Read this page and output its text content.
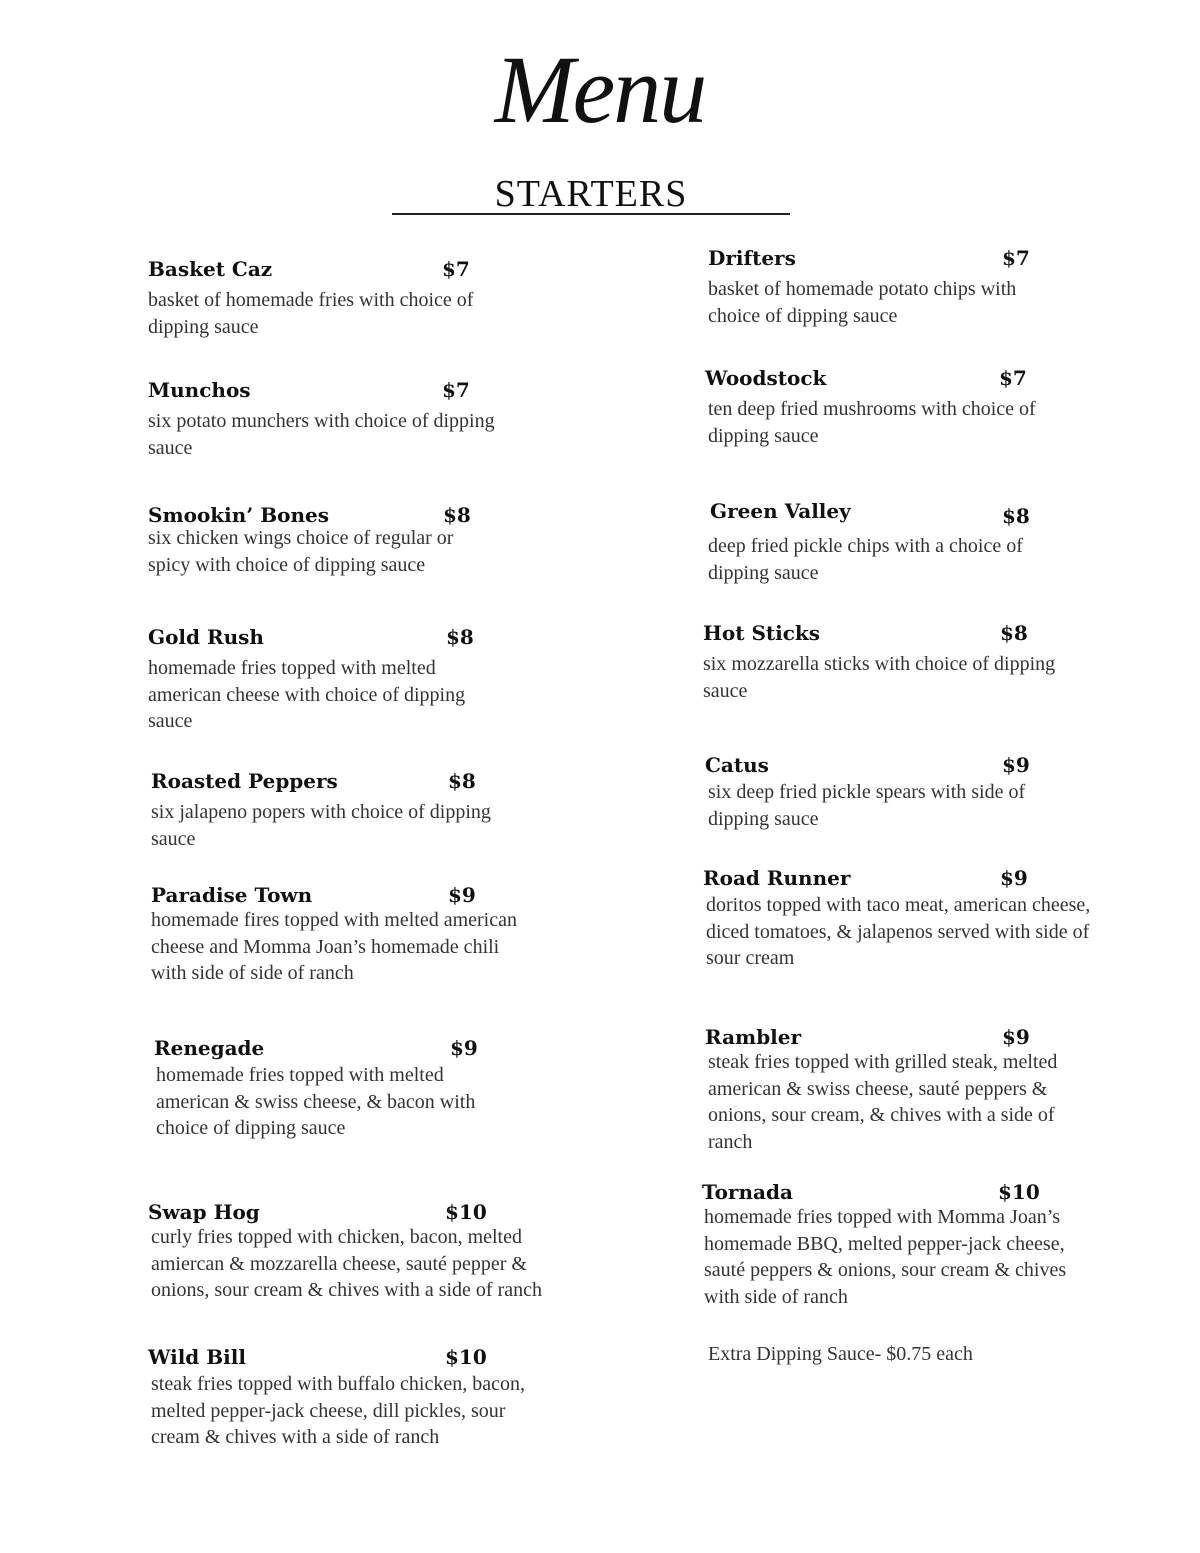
Menu
STARTERS
Basket Caz	$7

basket of homemade fries with choice of dipping sauce

Munchos	$7

six potato munchers with choice of dipping sauce

Smookin’ Bones	$8

six chicken wings choice of regular or spicy with choice of dipping sauce

Gold Rush	$8

homemade fries topped with melted american cheese with choice of dipping sauce

Roasted Peppers	$8

six jalapeno popers with choice of dipping sauce

Paradise Town	$9

homemade fires topped with melted american cheese and Momma Joan’s homemade chili with side of side of ranch

Renegade	$9

homemade fries topped with melted american & swiss cheese, & bacon with choice of dipping sauce

Swap Hog	$10

curly fries topped with chicken, bacon, melted amiercan & mozzarella cheese, sauté pepper & onions, sour cream & chives with a side of ranch

Wild Bill	$10

steak fries topped with buffalo chicken, bacon, melted pepper-jack cheese, dill pickles, sour cream & chives with a side of ranch

Drifters	$7

basket of homemade potato chips with choice of dipping sauce

Woodstock	$7

ten deep fried mushrooms with choice of dipping sauce

Green Valley	$8

deep fried pickle chips with a choice of dipping sauce

Hot Sticks	$8

six mozzarella sticks with choice of dipping sauce

Catus	$9

six deep fried pickle spears with side of dipping sauce

Road Runner	$9

doritos topped with taco meat, american cheese, diced tomatoes, & jalapenos served with side of sour cream

Rambler	$9

steak fries topped with grilled steak, melted american & swiss cheese, sauté peppers & onions, sour cream, & chives with a side of ranch

Tornada	$10

homemade fries topped with Momma Joan’s homemade BBQ, melted pepper-jack cheese, sauté peppers & onions, sour cream & chives with side of ranch

Extra Dipping Sauce- $0.75 each
